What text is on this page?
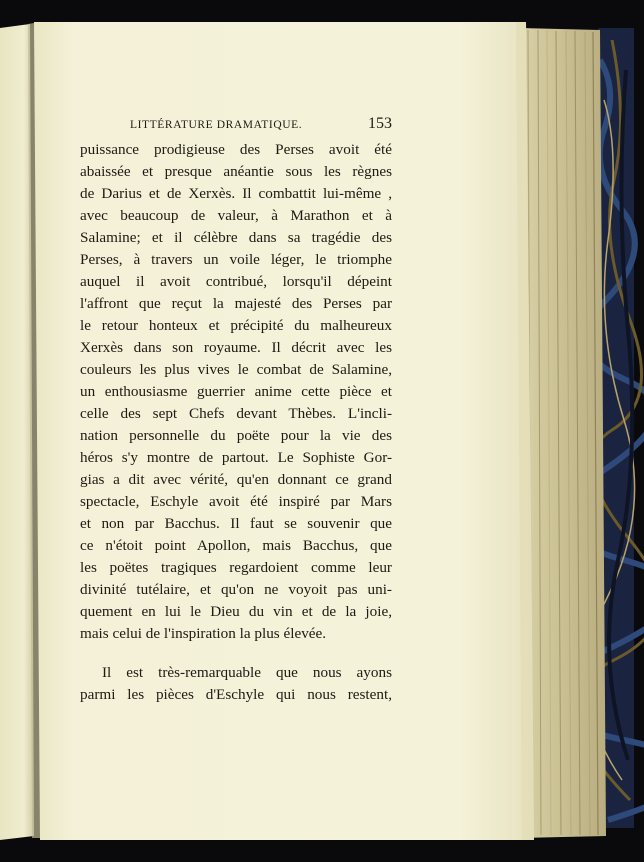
LITTÉRATURE DRAMATIQUE.	153
puissance prodigieuse des Perses avoit été
abaissée et presque anéantie sous les règnes
de Darius et de Xerxès. Il combattit lui-même ,
avec beaucoup de valeur, à Marathon et à
Salamine; et il célèbre dans sa tragédie des
Perses, à travers un voile léger, le triomphe
auquel il avoit contribué, lorsqu'il dépeint
l'affront que reçut la majesté des Perses par
le retour honteux et précipité du malheureux
Xerxès dans son royaume. Il décrit avec les
couleurs les plus vives le combat de Salamine,
un enthousiasme guerrier anime cette pièce et
celle des sept Chefs devant Thèbes. L'incli-
nation personnelle du poëte pour la vie des
héros s'y montre de partout. Le Sophiste Gor-
gias a dit avec vérité, qu'en donnant ce grand
spectacle, Eschyle avoit été inspiré par Mars
et non par Bacchus. Il faut se souvenir que
ce n'étoit point Apollon, mais Bacchus, que
les poëtes tragiques regardoient comme leur
divinité tutélaire, et qu'on ne voyoit pas uni-
quement en lui le Dieu du vin et de la joie,
mais celui de l'inspiration la plus élevée.
Il est très-remarquable que nous ayons
parmi les pièces d'Eschyle qui nous restent,
